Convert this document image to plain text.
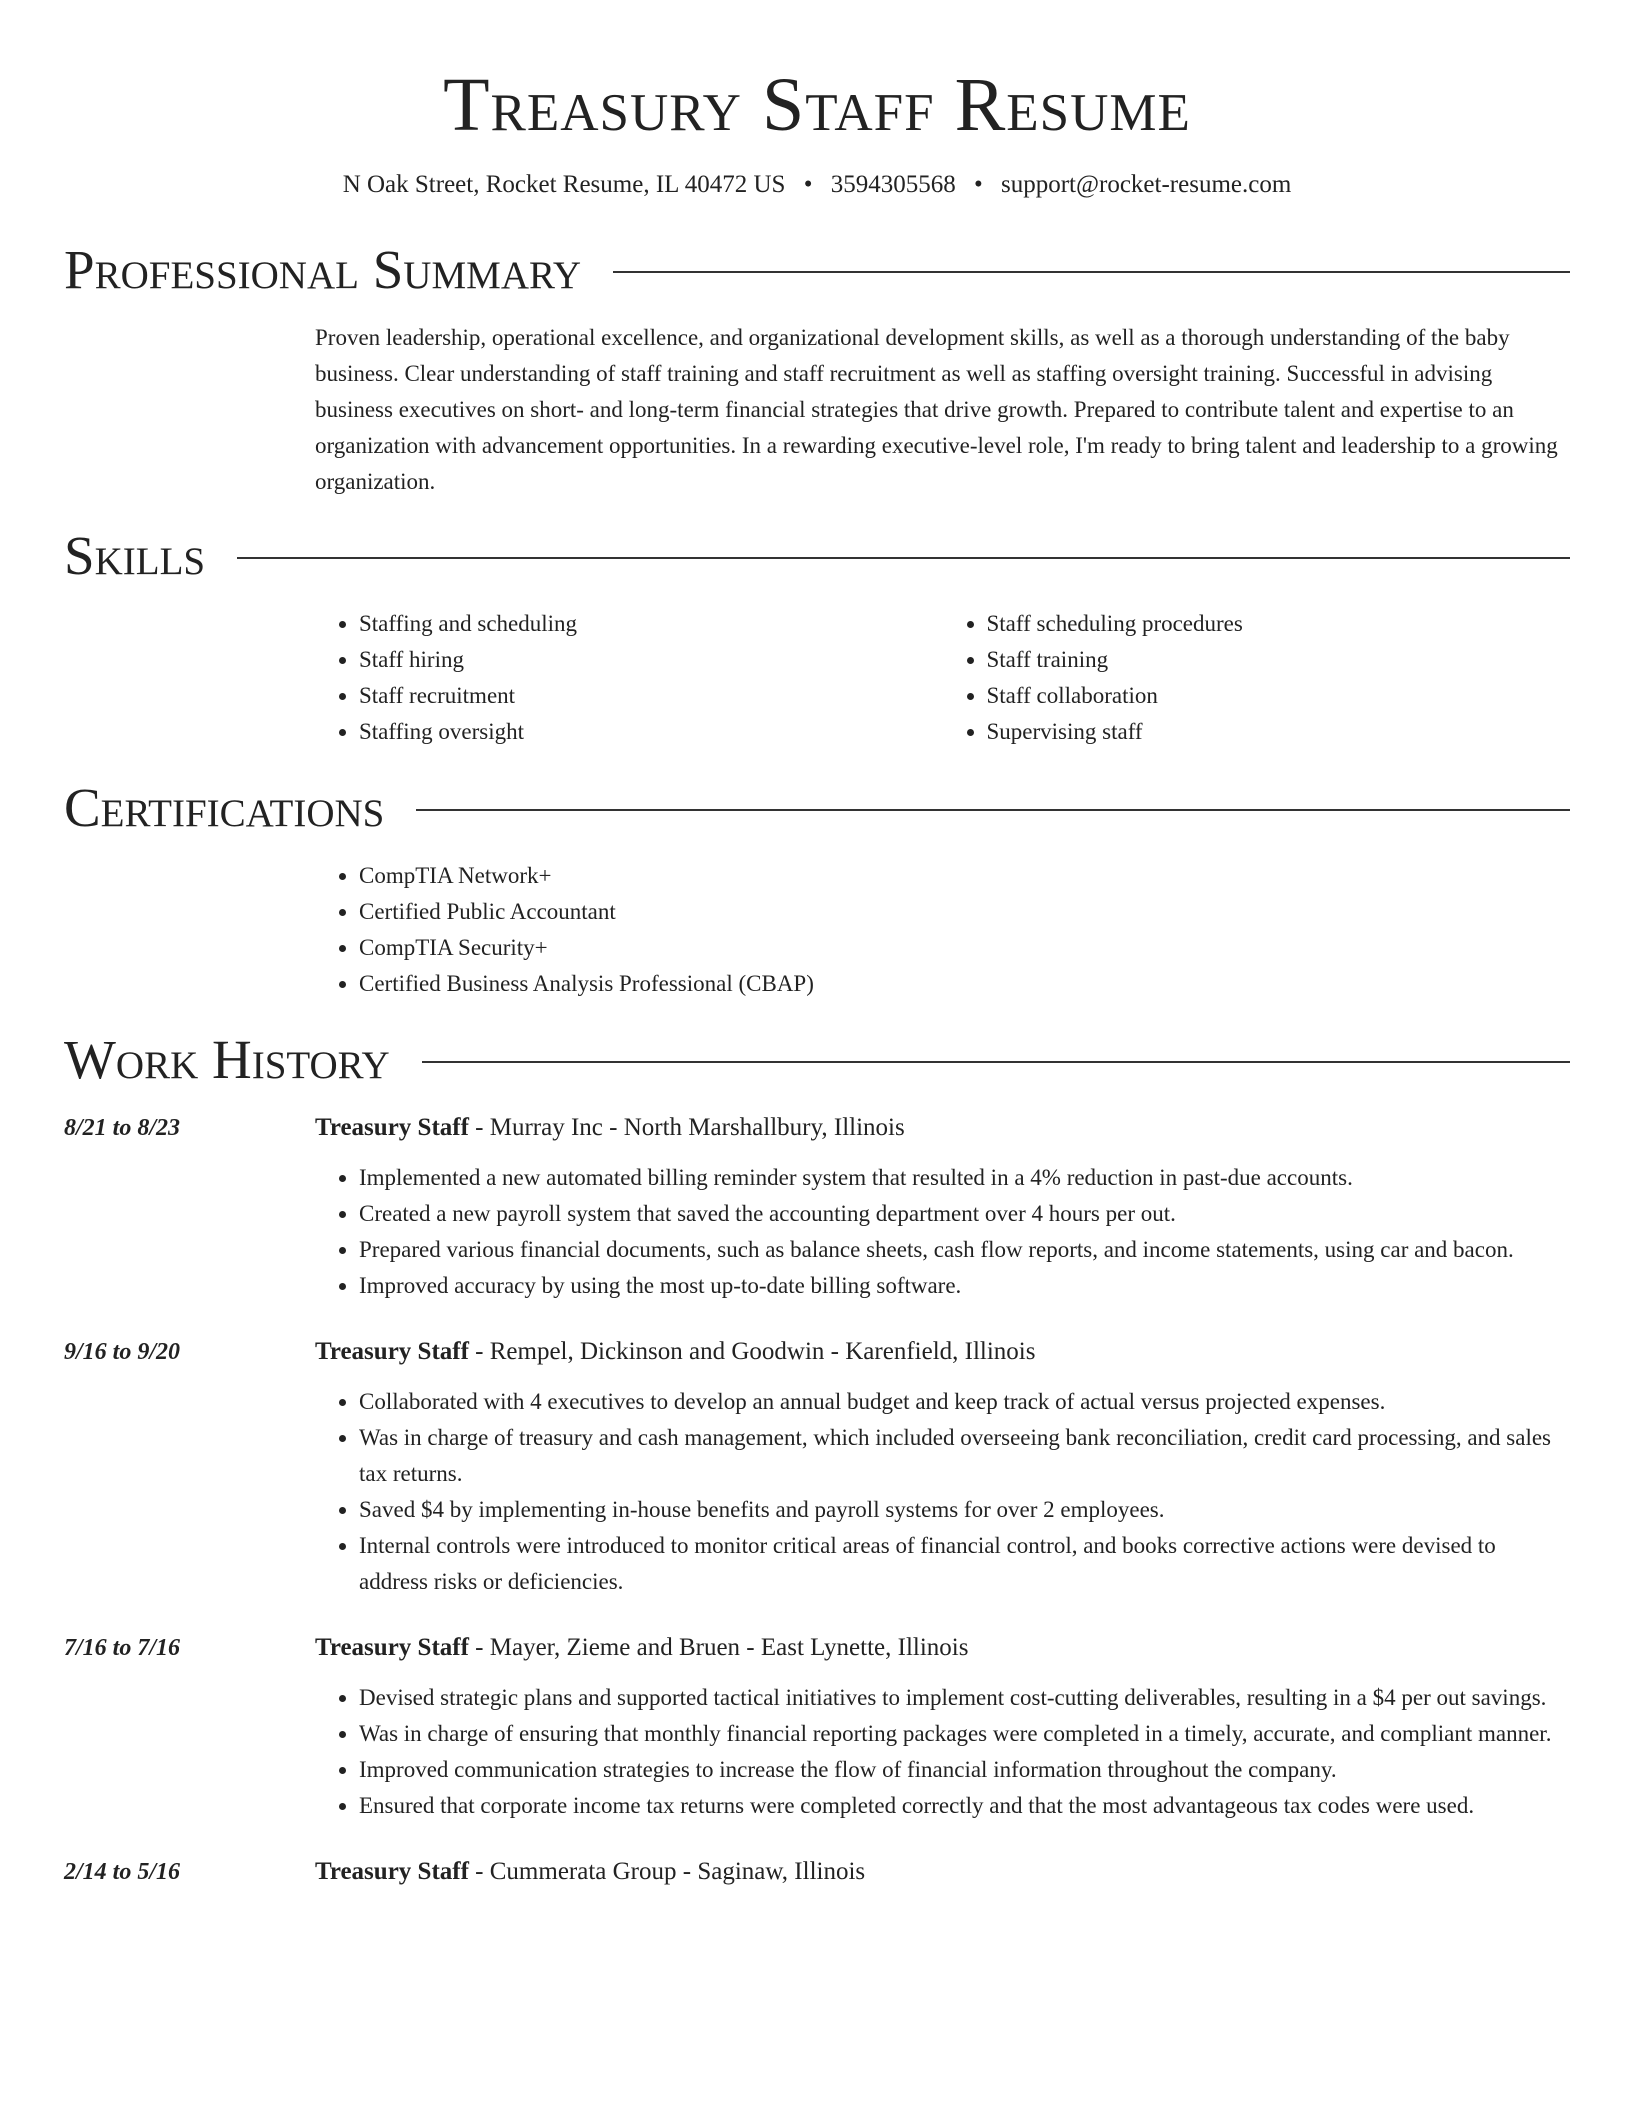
Treasury Staff Resume
N Oak Street, Rocket Resume, IL 40472 US • 3594305568 • support@rocket-resume.com
Professional Summary

Proven leadership, operational excellence, and organizational development skills, as well as a thorough understanding of the baby business. Clear understanding of staff training and staff recruitment as well as staffing oversight training. Successful in advising business executives on short- and long-term financial strategies that drive growth. Prepared to contribute talent and expertise to an organization with advancement opportunities. In a rewarding executive-level role, I'm ready to bring talent and leadership to a growing organization.

Skills
• Staffing and scheduling
• Staff hiring
• Staff recruitment
• Staffing oversight
• Staff scheduling procedures
• Staff training
• Staff collaboration
• Supervising staff
Certifications
• CompTIA Network+
• Certified Public Accountant
• CompTIA Security+
• Certified Business Analysis Professional (CBAP)
Work History
8/21 to 8/23	Treasury Staff - Murray Inc - North Marshallbury, Illinois
• Implemented a new automated billing reminder system that resulted in a 4% reduction in past-due accounts.
• Created a new payroll system that saved the accounting department over 4 hours per out.
• Prepared various financial documents, such as balance sheets, cash flow reports, and income statements, using car and bacon.
• Improved accuracy by using the most up-to-date billing software.
9/16 to 9/20	Treasury Staff - Rempel, Dickinson and Goodwin - Karenfield, Illinois
• Collaborated with 4 executives to develop an annual budget and keep track of actual versus projected expenses.
• Was in charge of treasury and cash management, which included overseeing bank reconciliation, credit card processing, and sales tax returns.
• Saved $4 by implementing in-house benefits and payroll systems for over 2 employees.
• Internal controls were introduced to monitor critical areas of financial control, and books corrective actions were devised to address risks or deficiencies.
7/16 to 7/16	Treasury Staff - Mayer, Zieme and Bruen - East Lynette, Illinois
• Devised strategic plans and supported tactical initiatives to implement cost-cutting deliverables, resulting in a $4 per out savings.
• Was in charge of ensuring that monthly financial reporting packages were completed in a timely, accurate, and compliant manner.
• Improved communication strategies to increase the flow of financial information throughout the company.
• Ensured that corporate income tax returns were completed correctly and that the most advantageous tax codes were used.
2/14 to 5/16	Treasury Staff - Cummerata Group - Saginaw, Illinois
